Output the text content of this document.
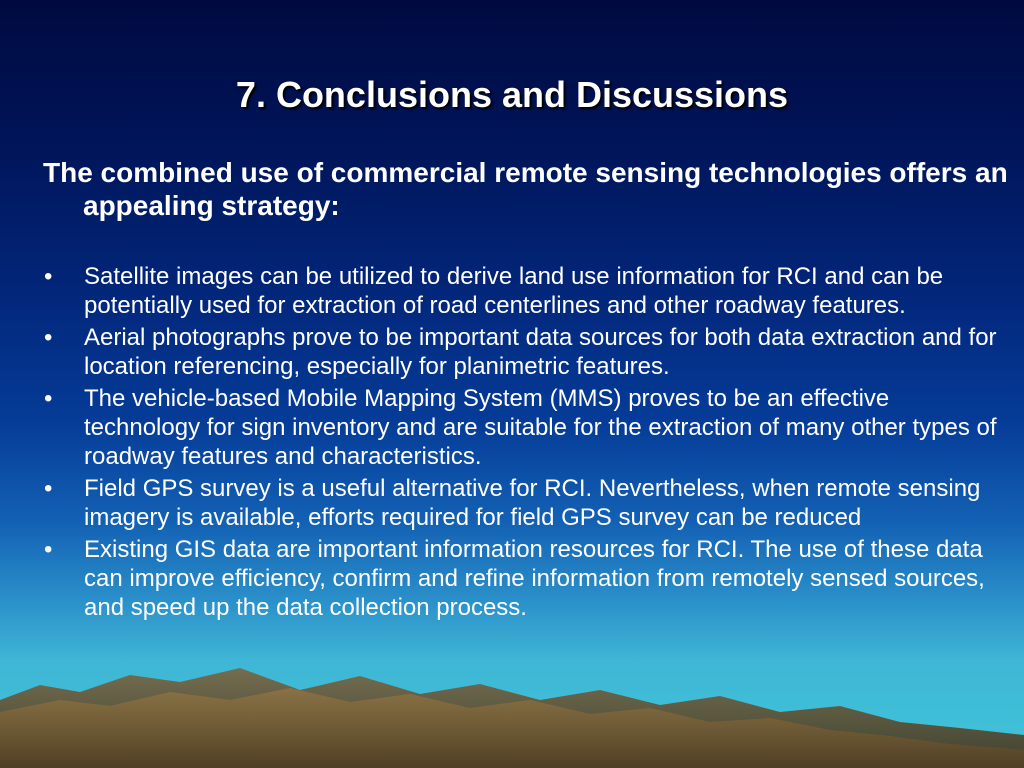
7. Conclusions and Discussions
The combined use of commercial remote sensing technologies offers an appealing strategy:
• Satellite images can be utilized to derive land use information for RCI and can be potentially used for extraction of road centerlines and other roadway features.
• Aerial photographs prove to be important data sources for both data extraction and for location referencing, especially for planimetric features.
• The vehicle-based Mobile Mapping System (MMS) proves to be an effective technology for sign inventory and are suitable for the extraction of many other types of roadway features and characteristics.
• Field GPS survey is a useful alternative for RCI. Nevertheless, when remote sensing imagery is available, efforts required for field GPS survey can be reduced
• Existing GIS data are important information resources for RCI. The use of these data can improve efficiency, confirm and refine information from remotely sensed sources, and speed up the data collection process.
